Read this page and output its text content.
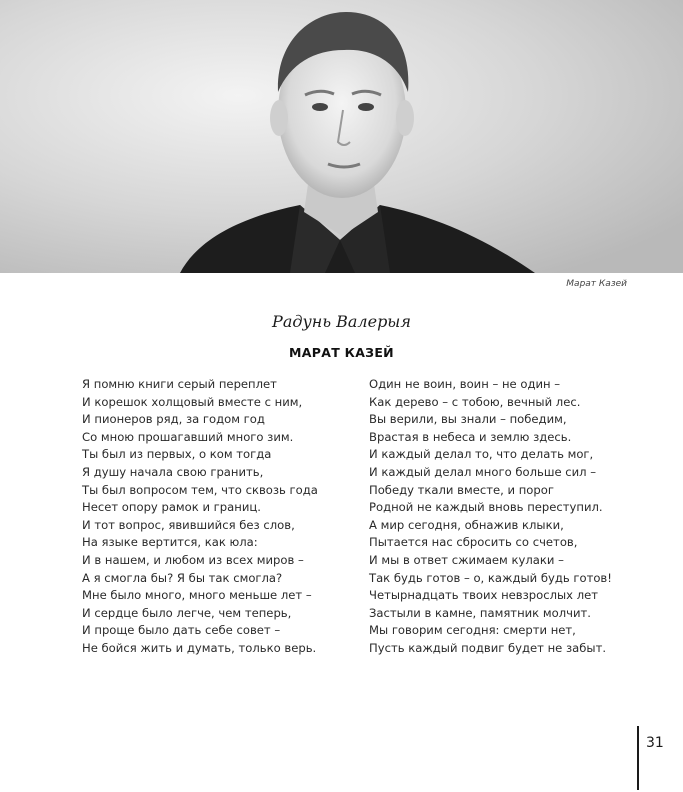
Марат Казей
Радунь Валерыя
МАРАТ КАЗЕЙ
Я помню книги серый переплет
И корешок холщовый вместе с ним,
И пионеров ряд, за годом год
Со мною прошагавший много зим.
Ты был из первых, о ком тогда
Я душу начала свою гранить,
Ты был вопросом тем, что сквозь года
Несет опору рамок и границ.
И тот вопрос, явившийся без слов,
На языке вертится, как юла:
И в нашем, и любом из всех миров –
А я смогла бы? Я бы так смогла?
Мне было много, много меньше лет –
И сердце было легче, чем теперь,
И проще было дать себе совет –
Не бойся жить и думать, только верь.
Один не воин, воин – не один –
Как дерево – с тобою, вечный лес.
Вы верили, вы знали – победим,
Врастая в небеса и землю здесь.
И каждый делал то, что делать мог,
И каждый делал много больше сил –
Победу ткали вместе, и порог
Родной не каждый вновь переступил.
А мир сегодня, обнажив клыки,
Пытается нас сбросить со счетов,
И мы в ответ сжимаем кулаки –
Так будь готов – о, каждый будь готов!
Четырнадцать твоих невзрослых лет
Застыли в камне, памятник молчит.
Мы говорим сегодня: смерти нет,
Пусть каждый подвиг будет не забыт.
31
